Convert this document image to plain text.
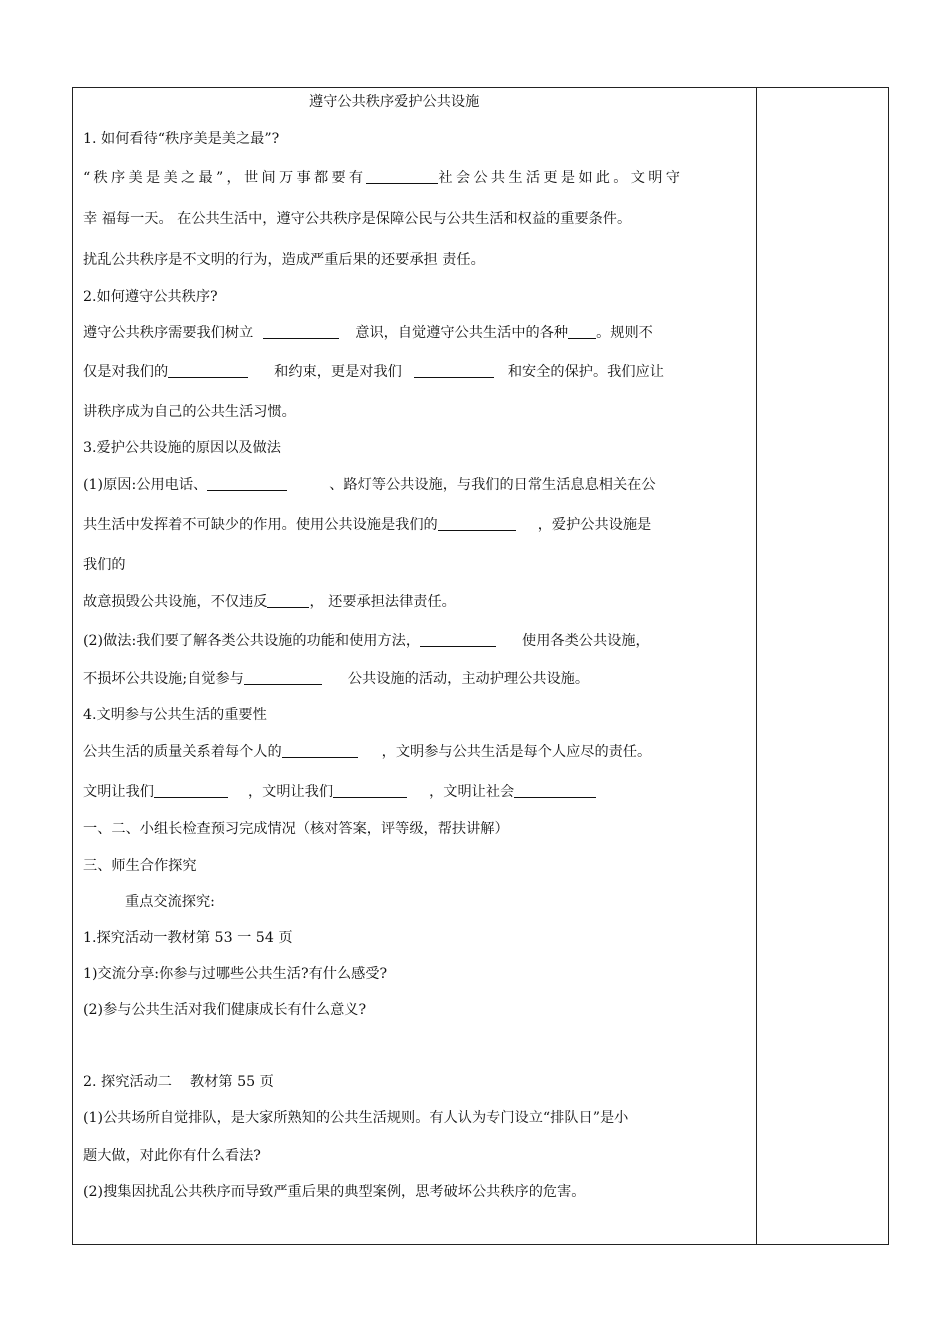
遵守公共秩序爱护公共设施
1. 如何看待“秩序美是美之最”?
“秩序美是美之最”，世间万事都要有	社会公共生活更是如此。文明守
幸 福每一天。 在公共生活中，遵守公共秩序是保障公民与公共生活和权益的重要条件。
扰乱公共秩序是不文明的行为，造成严重后果的还要承担 责任。
2.如何遵守公共秩序?
遵守公共秩序需要我们树立	意识，自觉遵守公共生活中的各种 。规则不
仅是对我们的	和约束，更是对我们	和安全的保护。我们应让
讲秩序成为自己的公共生活习惯。
3.爱护公共设施的原因以及做法
(1)原因:公用电话、	、路灯等公共设施，与我们的日常生活息息相关在公
共生活中发挥着不可缺少的作用。使用公共设施是我们的	，爱护公共设施是
我们的
故意损毁公共设施，不仅违反	， 还要承担法律责任。
(2)做法:我们要了解各类公共设施的功能和使用方法，	使用各类公共设施，
不损坏公共设施;自觉参与	公共设施的活动，主动护理公共设施。
4.文明参与公共生活的重要性
公共生活的质量关系着每个人的	，文明参与公共生活是每个人应尽的责任。
文明让我们	，文明让我们	，文明让社会
一、二、小组长检查预习完成情况（核对答案，评等级，帮扶讲解）
三、师生合作探究
重点交流探究:
1.探究活动一教材第 53 一 54 页
1)交流分享:你参与过哪些公共生活?有什么感受?
(2)参与公共生活对我们健康成长有什么意义?
2. 探究活动二    教材第 55 页
(1)公共场所自觉排队，是大家所熟知的公共生活规则。有人认为专门设立“排队日”是小
题大做，对此你有什么看法?
(2)搜集因扰乱公共秩序而导致严重后果的典型案例，思考破坏公共秩序的危害。
